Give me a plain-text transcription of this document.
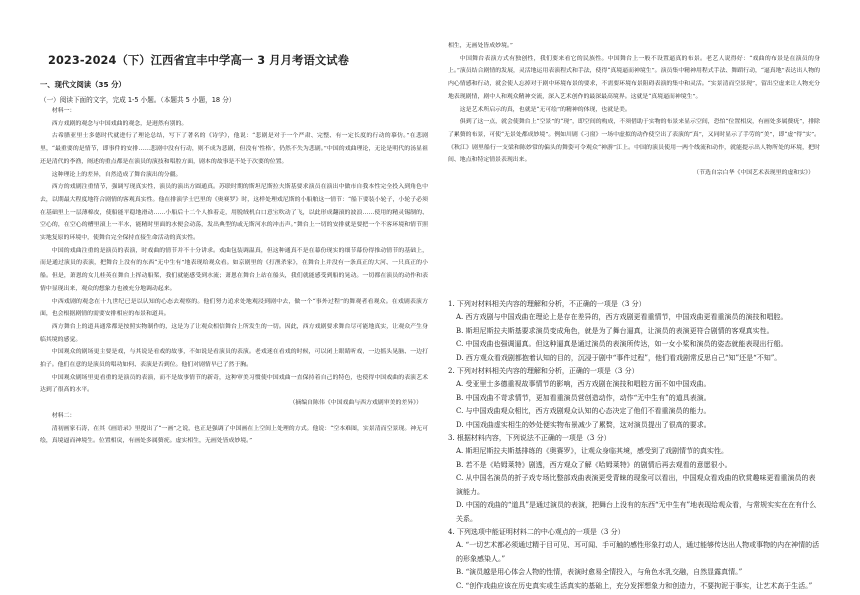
2023-2024（下）江西省宜丰中学高一 3 月月考语文试卷
一、现代文阅读（35 分）
（一）阅读下面的文字，完成 1-5 小题。（本题共 5 小题，18 分）

材料一：

西方戏剧的观念与中国戏曲的观念，是迥然有别的。

古希腊亚里士多德时代就进行了理论总结，写下了著名的《诗学》，他说：“悲剧是对于一个严肃、完整、有一定长度的行动的摹仿。”在悲剧里，“最重要的是情节，即事件的安排……悲剧中没有行动，则不成为悲剧，但没有‘性格’，仍然不失为悲剧。”中国的戏曲理论，无论是明代的汤显祖还是清代的李渔，阐述的重点都是在演员的演技和唱腔方面，剧本的故事是不处于次要的位置。

这种理论上的差异，自然造成了舞台演出的分疆。

西方的戏剧注重情节，强调写现真实性，演员的演出方圆通真。苏联时期的斯坦尼斯拉夫斯基要求演员在演出中做市自我本性完全投入到角色中去，以期最大程度地符合剧情的客观真实性。他在排演学士巴里的《奥赛罗》时，这样处理戏尼斯的小船舶这一情节：“船下要装小轮子，小轮子必须在基础里上一层薄棉皮，使船能平稳地滑动……小船后十二个人推着走，用脱绒机白口意宝吹动了飞，以此形成翻滚的波浪……使用的精灵锡制的、空心的，在空心的槽里滚上一半水，能精时里面的水便会动荡，发出典型的或无斯河水的冲击声。”舞台上一切的安排就是要把一个不客环境和情节照实地复原的环境中，使舞台完全保持直接生命活动的真实性。

中国的戏曲注重的是演员的表演，时戏曲的情节并不十分讲求。戏曲包装调温真，但这种通真不是在幕份现实的细节幕份得推动情节的基础上，而是通过演员的表演，把舞台上没有的东西“无中生有”地表现给观众看。如京剧里的《打渔杀家》，在舞台上并没有一条真正的大河、一只真正的小船。但是，萧恩的女儿桂英在舞台上挥动船桨，我们就能感受到水流；萧恩在舞台上站在船头，我们就能感受到船的晃动。一切都在演员的动作和表情中显现出来，观众的想象力也被充分地调动起来。

中西戏剧的观念在十九世纪已是以认知的心态去观察的。他们努力追求处地观浸到剧中去，做一个“事外过程”的舞观者看观众。在戏剧表演方面，也会根据剧情的需要安排相应的布景和道具。

西方舞台上的道具通常都是按照实物制作的，这是为了让观众相信舞台上所发生的一切。因此，西方戏剧要求舞台尽可能地真实，让观众产生身临其境的感觉。

中国观众的剧场更主要是戏，与其说是看戏的故事，不如说是看演员的表演。老戏迷在看戏的时候，可以闭上眼睛听戏，一边摇头晃脑、一边打拍子。他们在意的是演员的唱功如何、表演是否到位。他们对剧情早已了然于胸。

中国观众剧场里更看重的是演员的表演，而不是故事情节的新奇，这种审美习惯使中国戏曲一直保持着自己的特色，也使得中国戏曲的表演艺术达到了很高的水平。

（摘编自陈伟《中国戏曲与西方戏剧审美的差异》）

材料二：

清初画家石涛，在其《画语录》里提出了“一画”之说，也正是强调了中国画在上空间上处理的方式。他说：“空本难图，实景清而空景现。神无可绘，真境逼而神境生。位置相戾，有画处多属赘疣。虚实相生，无画处皆成妙境。”

相生，无画处皆成妙境。”

中国舞台表演方式有独创性，我们要来看它的民族性。中国舞台上一般不设置逼真的布景。老艺人说得好：“戏曲的布景是在演员的身上。”演员结合剧情的发展，灵活地运用表演程式和手法，使得“真境逼而神境生”。演员集中精神用程式手法、舞蹈行动，“逼真地”表达出人物的内心情感和行动，就会使人忘掉对于剧中环境布景的要求，不需要环境布景阻碍表演的集中和灵活。“实景清而空景现”，留出空虚来让人物充分地表现剧情，剧中人和观众精神交流，深入艺术创作的最深最高境界。这就是“真境逼而神境生”。

这是艺术所启示的真，也就是“无可绘”的精神的体现，也就是美。

俱到了这一点，就会使舞台上“空景”的“现”，即空间的构成，不须借助于实物的布景来显示空间，恐怕“位置相戾，有画处多属赘疣”，排除了累赘的布景，可使“无景处都成妙境”。例如川剧《刁窗》一场中虚拟的动作使空出了表演的“真”，又同时显示了手劳的“美”，即“虚”得“实”。《秋江》剧里船行一支梁和陈妙常的偏头的舞姿可令观众“神游”江上。中国的演员使用一两个线流和动作，就能提示出人物所处的环境，把时间、地点和特定情景表现出来。

（节选自宗白华《中国艺术表现里的虚和实》）

1. 下列对材料相关内容的理解和分析，不正确的一项是（3 分）

A. 西方戏剧与中国戏曲在理论上是存在差异的，西方戏剧更看重情节，中国戏曲更看重演员的演技和唱腔。

B. 斯坦尼斯拉夫斯基要求演员变成角色，就是为了舞台逼真，让演员的表演更符合剧情的客观真实性。

C. 中国戏曲也强调逼真。但这种逼真是通过演员的表演所传达，如一女小桨和演员的姿态就能表现出行船。

D. 西方观众看戏剧都抱着认知的目的，沉浸于剧中“事件过程”，他们看戏剧常反思自己“知”还是“不知”。

2. 下列对材料相关内容的理解和分析，正确的一项是（3 分）

A. 受亚里士多德重视故事情节的影响，西方戏剧在演技和唱腔方面不如中国戏曲。

B. 中国戏曲不苛求情节，更加看重演员营创造动作，动作“无中生有”的道具表演。

C. 与中国戏曲观众相比，西方戏剧观众认知的心态决定了他们不看重演员的能力。

D. 中国戏曲虚实相生的妙处便实物布景减少了累赘，这对演员提出了很高的要求。

3. 根据材料内容，下列说法不正确的一项是（3 分）

A. 斯坦尼斯拉夫斯基排练的《奥赛罗》，让观众身临其境，感受到了戏剧情节的真实性。

B. 若不是《哈姆莱特》剧透，西方观众了解《哈姆莱特》的剧情后再去观看的意愿很小。

C. 从中国名演员的折子戏专场比整部戏曲表演更受青睐的现象可以看出，中国观众看戏曲的欣赏趣味更看重演员的表演能力。

D. 中国的戏曲的“道具”是通过演员的表演，把舞台上没有的东西“无中生有”地表现给观众看，与常规实实在在有什么关系。

4. 下列选项中能证明材料二的中心观点的一项是（3 分）

A. “一切艺术都必须通过精于目可见、耳可闻、手可触的感性形象打动人，通过能够传达出人物或事物的内在神情的活的形象感染人。”

B. “演员越是用心体会人物的性情，表演时愈易全情投入，与角色水乳交融，自然显露真情。”

C. “创作戏曲应该在历史真实或生活真实的基础上，充分发挥想象力和创造力，不要拘泥于事实，让艺术高于生活。”
